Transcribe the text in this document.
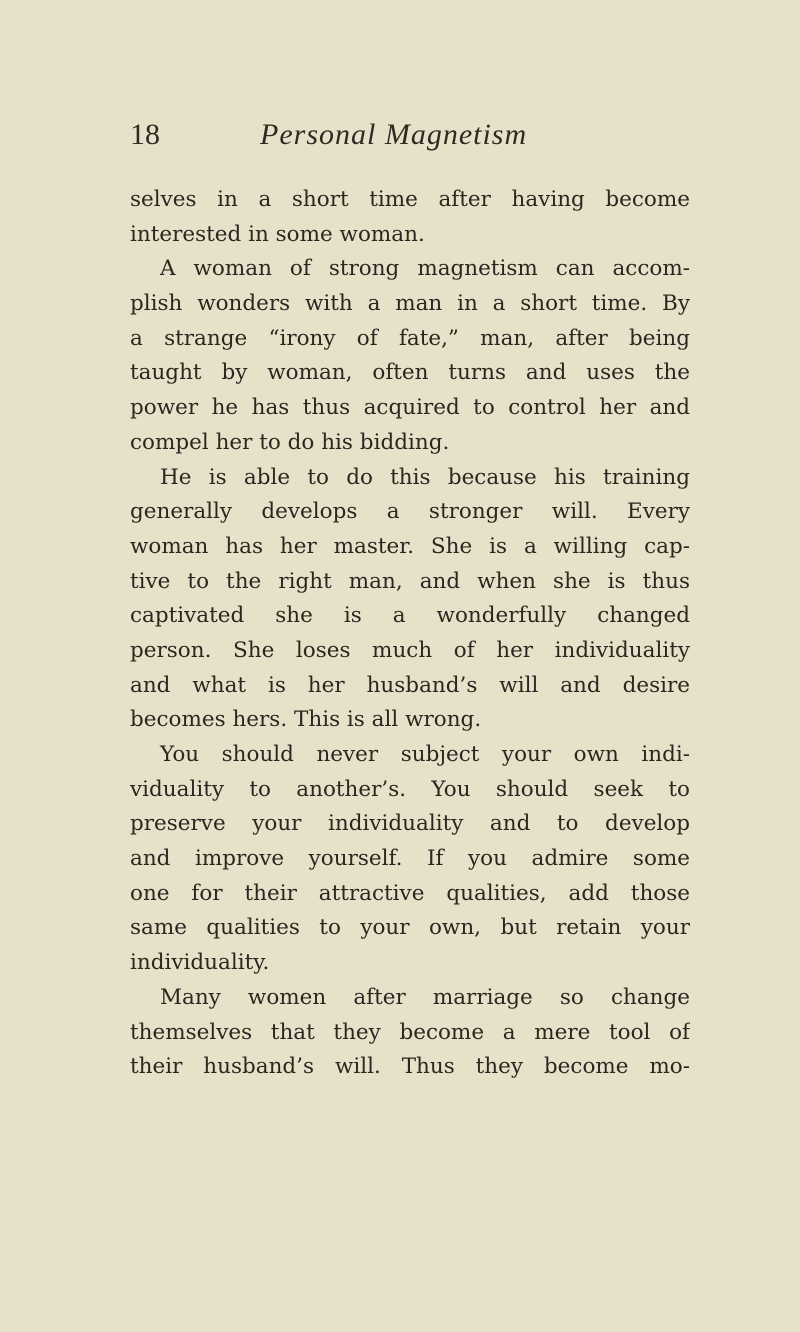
18	Personal Magnetism
selves in a short time after having become
interested in some woman.
A woman of strong magnetism can accom-
plish wonders with a man in a short time. By
a strange “irony of fate,” man, after being
taught by woman, often turns and uses the
power he has thus acquired to control her and
compel her to do his bidding.
He is able to do this because his training
generally develops a stronger will. Every
woman has her master. She is a willing cap-
tive to the right man, and when she is thus
captivated she is a wonderfully changed
person. She loses much of her individuality
and what is her husband’s will and desire
becomes hers. This is all wrong.
You should never subject your own indi-
viduality to another’s. You should seek to
preserve your individuality and to develop
and improve yourself. If you admire some
one for their attractive qualities, add those
same qualities to your own, but retain your
individuality.
Many women after marriage so change
themselves that they become a mere tool of
their husband’s will. Thus they become mo-
